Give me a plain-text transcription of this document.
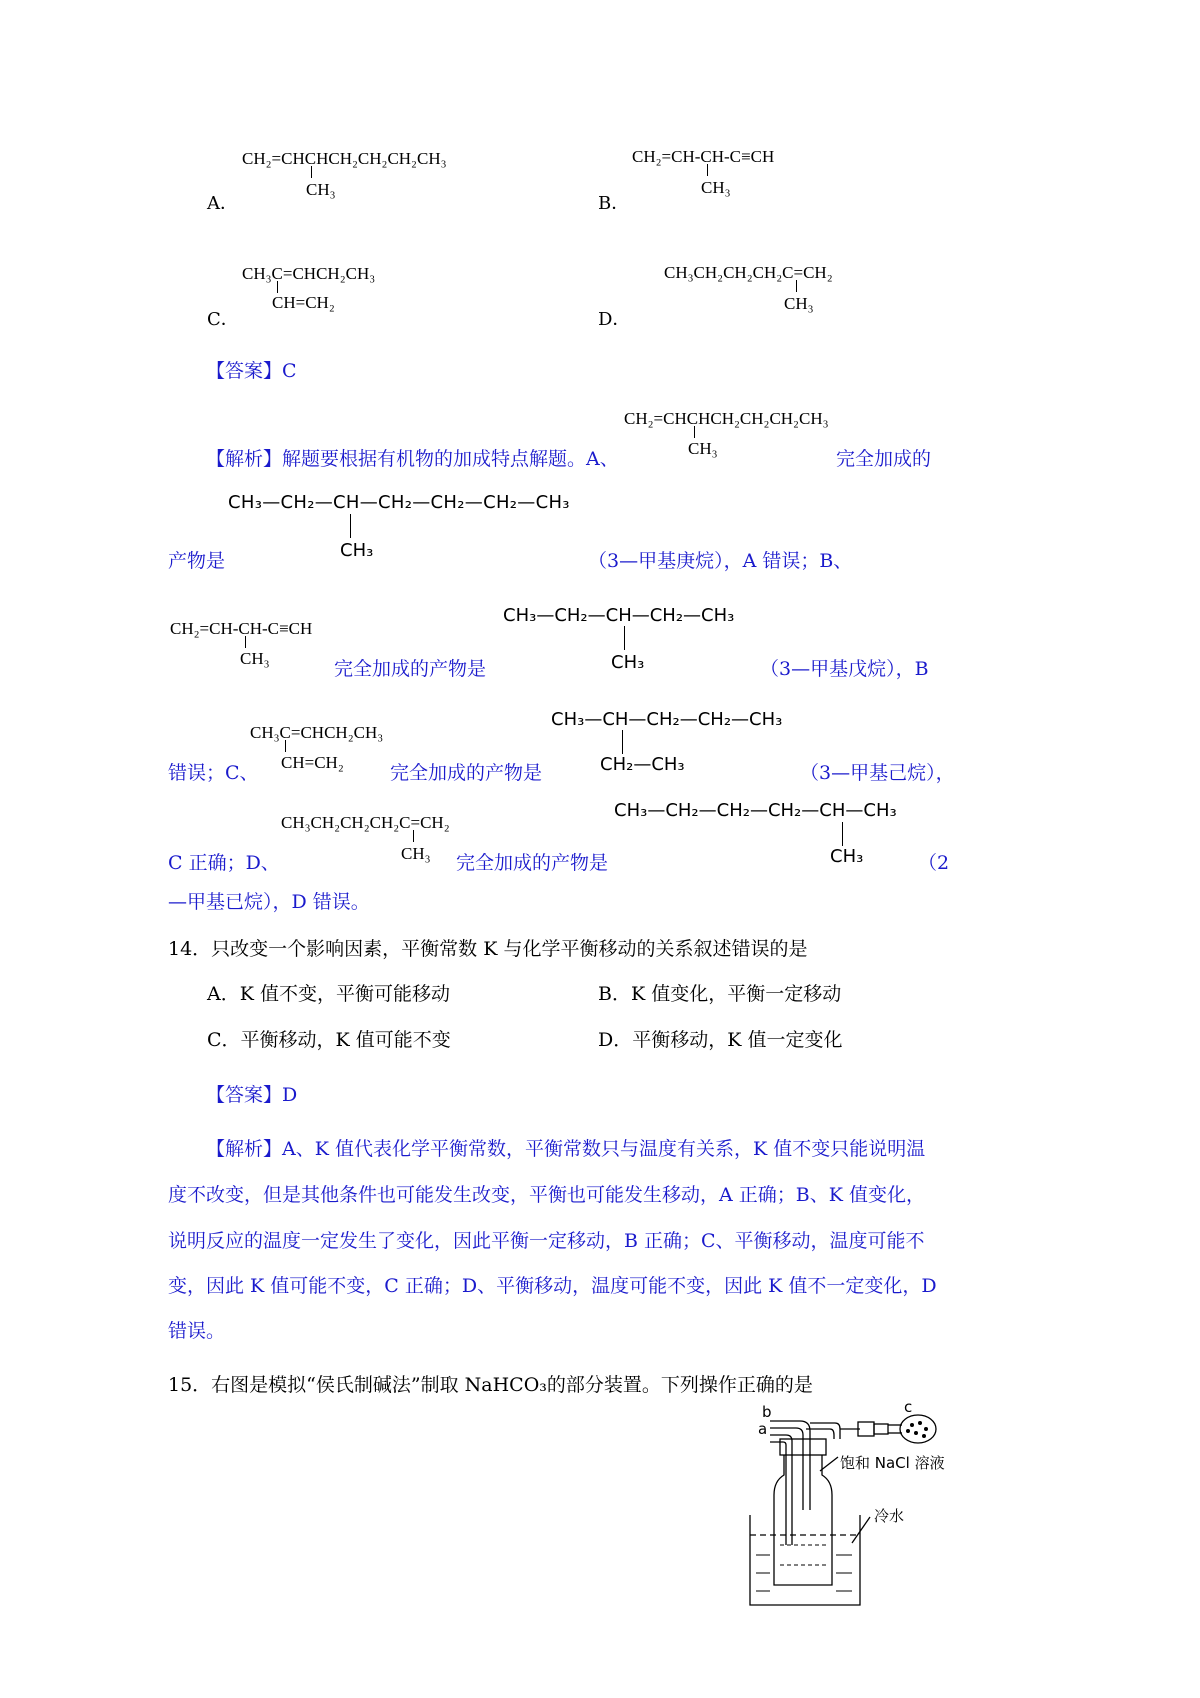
CH₂=CHCHCH₂CH₂CH₂CH₃
CH₃
A．
CH₂=CH-CH-C≡CH
CH₃
B．
CH₃C=CHCH₂CH₃
CH=CH₂
C．
CH₃CH₂CH₂CH₂C=CH₂
CH₃
D．
【答案】C
CH₂=CHCHCH₂CH₂CH₂CH₃
CH₃
【解析】解题要根据有机物的加成特点解题。A、	完全加成的
CH₃—CH₂—CH—CH₂—CH₂—CH₂—CH₃
CH₃
产物是	（3—甲基庚烷），A 错误；B、
CH₂=CH-CH-C≡CH
CH₃
CH₃—CH₂—CH—CH₂—CH₃
CH₃
完全加成的产物是	（3—甲基戊烷），B
CH₃C=CHCH₂CH₃
CH=CH₂
CH₃—CH—CH₂—CH₂—CH₃
CH₂—CH₃
错误；C、	完全加成的产物是	（3—甲基己烷），
CH₃CH₂CH₂CH₂C=CH₂
CH₃
CH₃—CH₂—CH₂—CH₂—CH—CH₃
CH₃
C 正确；D、	完全加成的产物是	（2
—甲基已烷），D 错误。
14．只改变一个影响因素，平衡常数 K 与化学平衡移动的关系叙述错误的是
A．K 值不变，平衡可能移动	B．K 值变化，平衡一定移动
C．平衡移动，K 值可能不变	D．平衡移动，K 值一定变化
【答案】D
【解析】A、K 值代表化学平衡常数，平衡常数只与温度有关系，K 值不变只能说明温
度不改变，但是其他条件也可能发生改变，平衡也可能发生移动，A 正确；B、K 值变化，
说明反应的温度一定发生了变化，因此平衡一定移动，B 正确；C、平衡移动，温度可能不
变，因此 K 值可能不变，C 正确；D、平衡移动，温度可能不变，因此 K 值不一定变化，D
错误。
15．右图是模拟“侯氏制碱法”制取 NaHCO₃的部分装置。下列操作正确的是
b
a
c
饱和 NaCl 溶液
冷水
